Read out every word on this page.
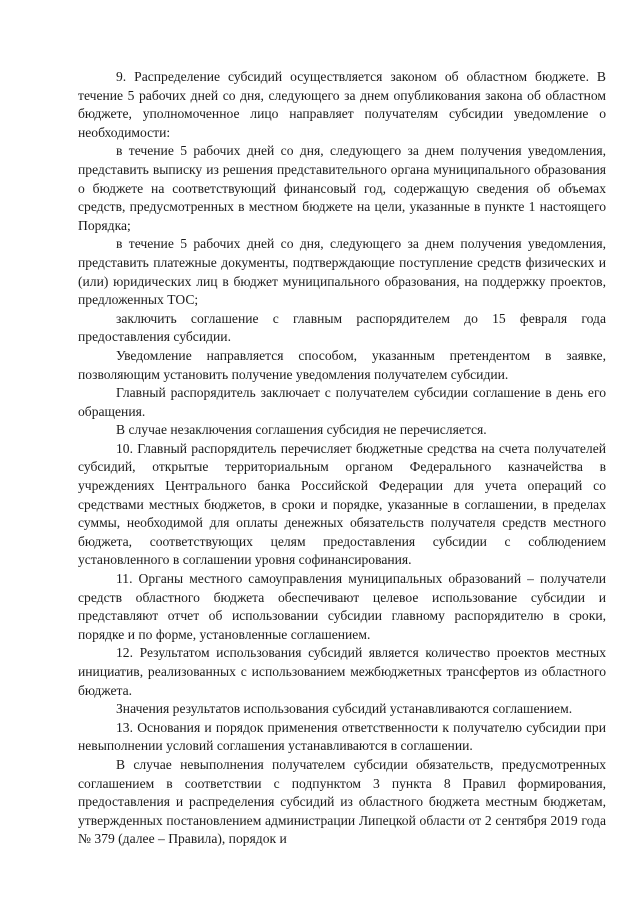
9. Распределение субсидий осуществляется законом об областном бюджете. В течение 5 рабочих дней со дня, следующего за днем опубликования закона об областном бюджете, уполномоченное лицо направляет получателям субсидии уведомление о необходимости:

в течение 5 рабочих дней со дня, следующего за днем получения уведомления, представить выписку из решения представительного органа муниципального образования о бюджете на соответствующий финансовый год, содержащую сведения об объемах средств, предусмотренных в местном бюджете на цели, указанные в пункте 1 настоящего Порядка;

в течение 5 рабочих дней со дня, следующего за днем получения уведомления, представить платежные документы, подтверждающие поступление средств физических и (или) юридических лиц в бюджет муниципального образования, на поддержку проектов, предложенных ТОС;

заключить соглашение с главным распорядителем до 15 февраля года предоставления субсидии.

Уведомление направляется способом, указанным претендентом в заявке, позволяющим установить получение уведомления получателем субсидии.

Главный распорядитель заключает с получателем субсидии соглашение в день его обращения.

В случае незаключения соглашения субсидия не перечисляется.

10. Главный распорядитель перечисляет бюджетные средства на счета получателей субсидий, открытые территориальным органом Федерального казначейства в учреждениях Центрального банка Российской Федерации для учета операций со средствами местных бюджетов, в сроки и порядке, указанные в соглашении, в пределах суммы, необходимой для оплаты денежных обязательств получателя средств местного бюджета, соответствующих целям предоставления субсидии с соблюдением установленного в соглашении уровня софинансирования.

11. Органы местного самоуправления муниципальных образований – получатели средств областного бюджета обеспечивают целевое использование субсидии и представляют отчет об использовании субсидии главному распорядителю в сроки, порядке и по форме, установленные соглашением.

12. Результатом использования субсидий является количество проектов местных инициатив, реализованных с использованием межбюджетных трансфертов из областного бюджета.

Значения результатов использования субсидий устанавливаются соглашением.

13. Основания и порядок применения ответственности к получателю субсидии при невыполнении условий соглашения устанавливаются в соглашении.

В случае невыполнения получателем субсидии обязательств, предусмотренных соглашением в соответствии с подпунктом 3 пункта 8 Правил формирования, предоставления и распределения субсидий из областного бюджета местным бюджетам, утвержденных постановлением администрации Липецкой области от 2 сентября 2019 года № 379 (далее – Правила), порядок и
